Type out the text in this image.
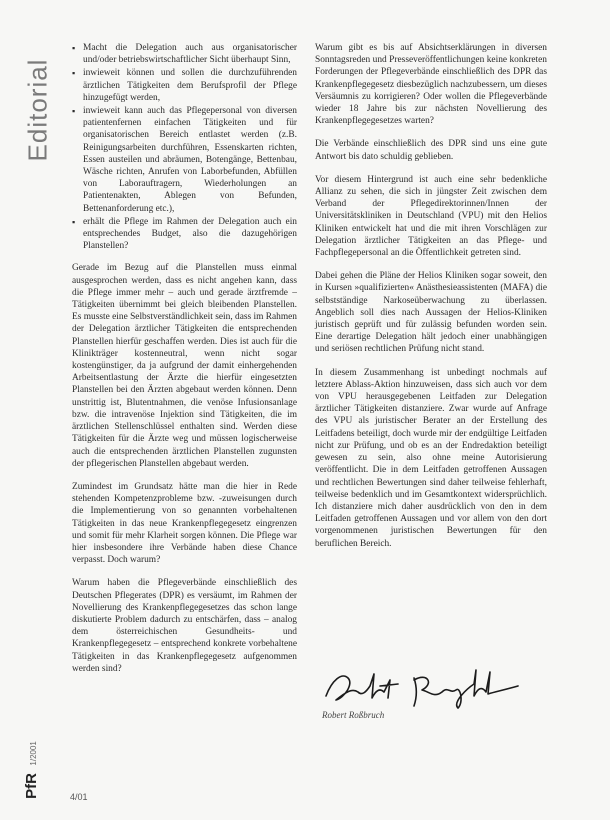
Editorial
▪ Macht die Delegation auch aus organisatorischer und/oder betriebswirtschaftlicher Sicht überhaupt Sinn,
▪ inwieweit können und sollen die durchzuführenden ärztlichen Tätigkeiten dem Berufsprofil der Pflege hinzugefügt werden,
▪ inwieweit kann auch das Pflegepersonal von diversen patientenfernen einfachen Tätigkeiten und für organisatorischen Bereich entlastet werden (z.B. Reinigungsarbeiten durchführen, Essenskarten richten, Essen austeilen und abräumen, Botengänge, Bettenbau, Wäsche richten, Anrufen von Laborbefunden, Abfüllen von Laborauftragern, Wiederholungen an Patientenakten, Ablegen von Befunden, Bettenanforderung etc.),
▪ erhält die Pflege im Rahmen der Delegation auch ein entsprechendes Budget, also die dazugehörigen Planstellen?

Gerade im Bezug auf die Planstellen muss einmal ausgesprochen werden, dass es nicht angehen kann, dass die Pflege immer mehr – auch und gerade ärztfremde – Tätigkeiten übernimmt bei gleich bleibenden Planstellen. Es musste eine Selbstverständlichkeit sein, dass im Rahmen der Delegation ärztlicher Tätigkeiten die entsprechenden Planstellen hierfür geschaffen werden. Dies ist auch für die Klinikträger kostenneutral, wenn nicht sogar kostengünstiger, da ja aufgrund der damit einhergehenden Arbeitsentlastung der Ärzte die hierfür eingesetzten Planstellen bei den Ärzten abgebaut werden können. Denn unstrittig ist, Blutentnahmen, die venöse Infusionsanlage bzw. die intravenöse Injektion sind Tätigkeiten, die im ärztlichen Stellenschlüssel enthalten sind. Werden diese Tätigkeiten für die Ärzte weg und müssen logischerweise auch die entsprechenden ärztlichen Planstellen zugunsten der pflegerischen Planstellen abgebaut werden.

Zumindest im Grundsatz hätte man die hier in Rede stehenden Kompetenzprobleme bzw. -zuweisungen durch die Implementierung von so genannten vorbehaltenen Tätigkeiten in das neue Krankenpflegegesetz eingrenzen und somit für mehr Klarheit sorgen können. Die Pflege war hier insbesondere ihre Verbände haben diese Chance verpasst. Doch warum?

Warum haben die Pflegeverbände einschließlich des Deutschen Pflegerates (DPR) es versäumt, im Rahmen der Novellierung des Krankenpflegegesetzes das schon lange diskutierte Problem dadurch zu entschärfen, dass – analog dem österreichischen Gesundheits- und Krankenpflegegesetz – entsprechend konkrete vorbehaltene Tätigkeiten in das Krankenpflegegesetz aufgenommen werden sind?

Warum gibt es bis auf Absichtserklärungen in diversen Sonntagsreden und Presseveröffentlichungen keine konkreten Forderungen der Pflegeverbände einschließlich des DPR das Krankenpflegegesetz diesbezüglich nachzubessern, um dieses Versäumnis zu korrigieren? Oder wollen die Pflegeverbände wieder 18 Jahre bis zur nächsten Novellierung des Krankenpflegegesetzes warten?

Die Verbände einschließlich des DPR sind uns eine gute Antwort bis dato schuldig geblieben.

Vor diesem Hintergrund ist auch eine sehr bedenkliche Allianz zu sehen, die sich in jüngster Zeit zwischen dem Verband der Pflegedirektorinnen/Innen der Universitätskliniken in Deutschland (VPU) mit den Helios Kliniken entwickelt hat und die mit ihren Vorschlägen zur Delegation ärztlicher Tätigkeiten an das Pflege- und Fachpflegepersonal an die Öffentlichkeit getreten sind.

Dabei gehen die Pläne der Helios Kliniken sogar soweit, den in Kursen »qualifizierten« Anästhesieassistenten (MAFA) die selbstständige Narkoseüberwachung zu überlassen. Angeblich soll dies nach Aussagen der Helios-Kliniken juristisch geprüft und für zulässig befunden worden sein. Eine derartige Delegation hält jedoch einer unabhängigen und seriösen rechtlichen Prüfung nicht stand.

In diesem Zusammenhang ist unbedingt nochmals auf letztere Ablass-Aktion hinzuweisen, dass sich auch vor dem von VPU herausgegebenen Leitfaden zur Delegation ärztlicher Tätigkeiten distanziere. Zwar wurde auf Anfrage des VPU als juristischer Berater an der Erstellung des Leitfadens beteiligt, doch wurde mir der endgültige Leitfaden nicht zur Prüfung, und ob es an der Endredaktion beteiligt gewesen zu sein, also ohne meine Autorisierung veröffentlicht. Die in dem Leitfaden getroffenen Aussagen und rechtlichen Bewertungen sind daher teilweise fehlerhaft, teilweise bedenklich und im Gesamtkontext widersprüchlich. Ich distanziere mich daher ausdrücklich von den in dem Leitfaden getroffenen Aussagen und vor allem von den dort vorgenommenen juristischen Bewertungen für den beruflichen Bereich.

Robert Roßbruch
PfR 1/2001
4/01
